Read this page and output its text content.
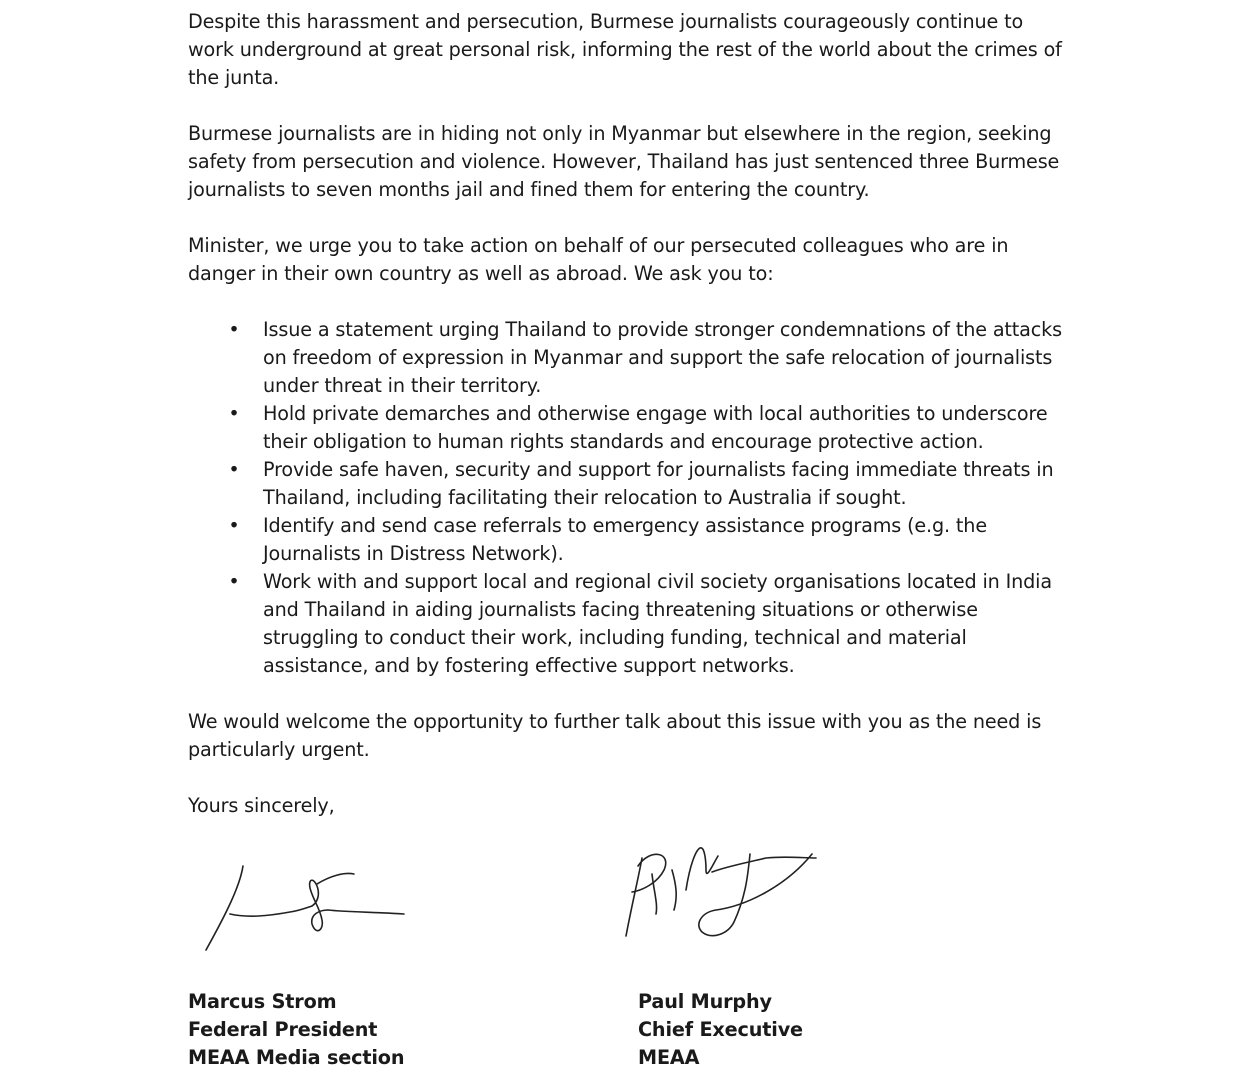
Despite this harassment and persecution, Burmese journalists courageously continue to work underground at great personal risk, informing the rest of the world about the crimes of the junta.

Burmese journalists are in hiding not only in Myanmar but elsewhere in the region, seeking safety from persecution and violence. However, Thailand has just sentenced three Burmese journalists to seven months jail and fined them for entering the country.

Minister, we urge you to take action on behalf of our persecuted colleagues who are in danger in their own country as well as abroad. We ask you to:

• Issue a statement urging Thailand to provide stronger condemnations of the attacks on freedom of expression in Myanmar and support the safe relocation of journalists under threat in their territory.
• Hold private demarches and otherwise engage with local authorities to underscore their obligation to human rights standards and encourage protective action.
• Provide safe haven, security and support for journalists facing immediate threats in Thailand, including facilitating their relocation to Australia if sought.
• Identify and send case referrals to emergency assistance programs (e.g. the Journalists in Distress Network).
• Work with and support local and regional civil society organisations located in India and Thailand in aiding journalists facing threatening situations or otherwise struggling to conduct their work, including funding, technical and material assistance, and by fostering effective support networks.

We would welcome the opportunity to further talk about this issue with you as the need is particularly urgent.

Yours sincerely,

Marcus Strom
Federal President
MEAA Media section
Paul Murphy
Chief Executive
MEAA
